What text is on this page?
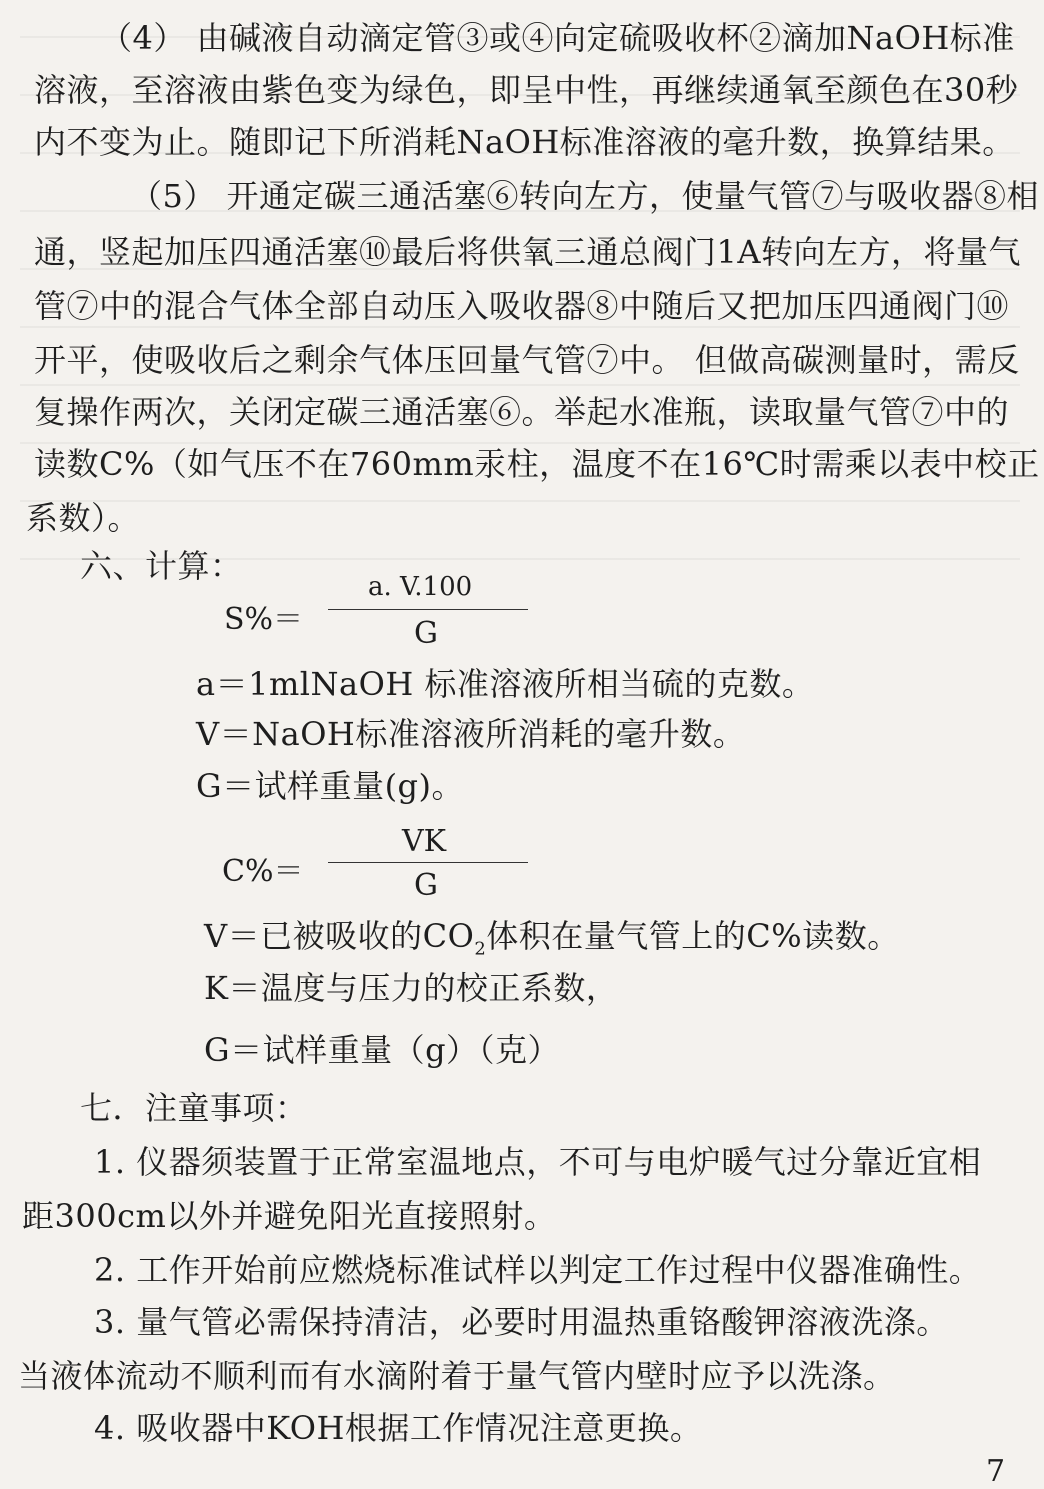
（4） 由碱液自动滴定管③或④向定硫吸收杯②滴加NaOH标准
溶液，至溶液由紫色变为绿色，即呈中性，再继续通氧至颜色在30秒
内不变为止。随即记下所消耗NaOH标准溶液的毫升数，换算结果。
（5） 开通定碳三通活塞⑥转向左方，使量气管⑦与吸收器⑧相
通，竖起加压四通活塞⑩最后将供氧三通总阀门1A转向左方，将量气
管⑦中的混合气体全部自动压入吸收器⑧中随后又把加压四通阀门⑩
开平，使吸收后之剩余气体压回量气管⑦中。 但做高碳测量时，需反
复操作两次，关闭定碳三通活塞⑥。举起水准瓶，读取量气管⑦中的
读数C%（如气压不在760mm汞柱，温度不在16℃时需乘以表中校正
系数）。
六、计算：
S%＝
a. V.100
G
a＝1mlNaOH 标准溶液所相当硫的克数。
V＝NaOH标准溶液所消耗的毫升数。
G＝试样重量(g)。
C%＝
VK
G
V＝已被吸收的$CO_2$体积在量气管上的C%读数。
K＝温度与压力的校正系数，
G＝试样重量（g）（克）
七．注童事项：
1. 仪器须装置于正常室温地点，不可与电炉暖气过分靠近宜相
距300cm以外并避免阳光直接照射。
2. 工作开始前应燃烧标准试样以判定工作过程中仪器准确性。
3. 量气管必需保持清洁，必要时用温热重铬酸钾溶液洗涤。
当液体流动不顺利而有水滴附着于量气管内壁时应予以洗涤。
4. 吸收器中KOH根据工作情况注意更换。
7
